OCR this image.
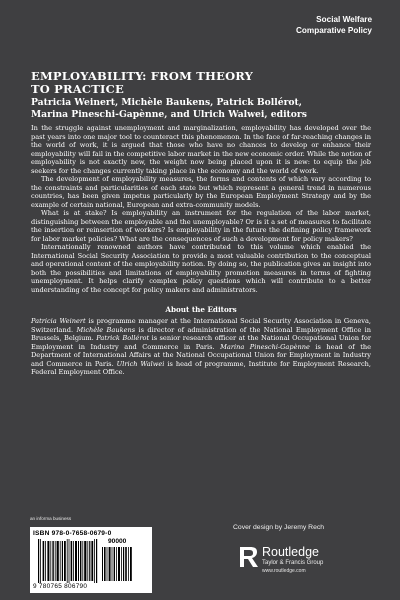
Social Welfare
Comparative Policy
EMPLOYABILITY: FROM THEORY
TO PRACTICE
Patricia Weinert, Michèle Baukens, Patrick Bollérot,
Marina Pineschi-Gapènne, and Ulrich Walwei, editors

In the struggle against unemployment and marginalization, employability has developed over the past years into one major tool to counteract this phenomenon. In the face of far-reaching changes in the world of work, it is argued that those who have no chances to develop or enhance their employability will fail in the competitive labor market in the new economic order. While the notion of employability is not exactly new, the weight now being placed upon it is new: to equip the job seekers for the changes currently taking place in the economy and the world of work.

The development of employability measures, the forms and contents of which vary according to the constraints and particularities of each state but which represent a general trend in numerous countries, has been given impetus particularly by the European Employment Strategy and by the example of certain national, European and extra-community models.

What is at stake? Is employability an instrument for the regulation of the labor market, distinguishing between the employable and the unemployable? Or is it a set of measures to facilitate the insertion or reinsertion of workers? Is employability in the future the defining policy framework for labor market policies? What are the consequences of such a development for policy makers?

Internationally renowned authors have contributed to this volume which enabled the International Social Security Association to provide a most valuable contribution to the conceptual and operational content of the employability notion. By doing so, the publication gives an insight into both the possibilities and limitations of employability promotion measures in terms of fighting unemployment. It helps clarify complex policy questions which will contribute to a better understanding of the concept for policy makers and administrators.

About the Editors

Patricia Weinert is programme manager at the International Social Security Association in Geneva, Switzerland. Michèle Baukens is director of administration of the National Employment Office in Brussels, Belgium. Patrick Bollérot is senior research officer at the National Occupational Union for Employment in Industry and Commerce in Paris. Marina Pineschi-Gapènne is head of the Department of International Affairs at the National Occupational Union for Employment in Industry and Commerce in Paris. Ulrich Walwei is head of programme, Institute for Employment Research, Federal Employment Office.

an informa business
ISBN 978-0-7658-0679-0
90000
9 780765 806790
Cover design by Jeremy Rech
Routledge
Taylor & Francis Group
www.routledge.com
